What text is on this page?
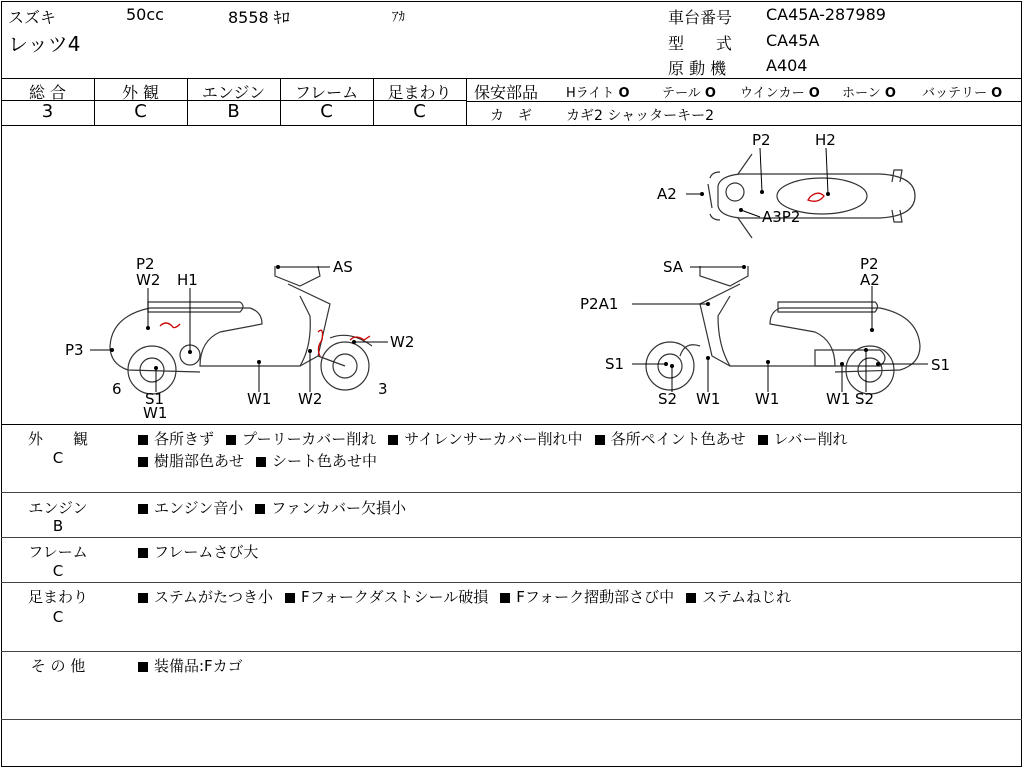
スズキ	50cc	8558 ｷﾛ	ｱｶ
レッツ4
車台番号 CA45A-287989
型　　式 CA45A
原 動 機 A404
総 合	外 観	エンジン	フレーム	足まわり
3	C	B	C	C
保安部品 Hライト O テール O ウインカー O ホーン O バッテリー O
カ　ギ カギ2 シャッターキー2
P2	H2
A2
A3P2
P2
W2 H1
AS
W2
P3
6
S1
W1
W1 W2
3
SA	P2
A2
P2A1
S1	S1
S2 W1 W1	W1 S2
外　　観
C
各所きず プーリーカバー削れ サイレンサーカバー削れ中 各所ペイント色あせ レバー削れ
樹脂部色あせ シート色あせ中
エンジン
B
エンジン音小 ファンカバー欠損小
フレーム
C
フレームさび大
足まわり
C
ステムがたつき小 Fフォークダストシール破損 Fフォーク摺動部さび中 ステムねじれ
そ の 他	装備品:Fカゴ
